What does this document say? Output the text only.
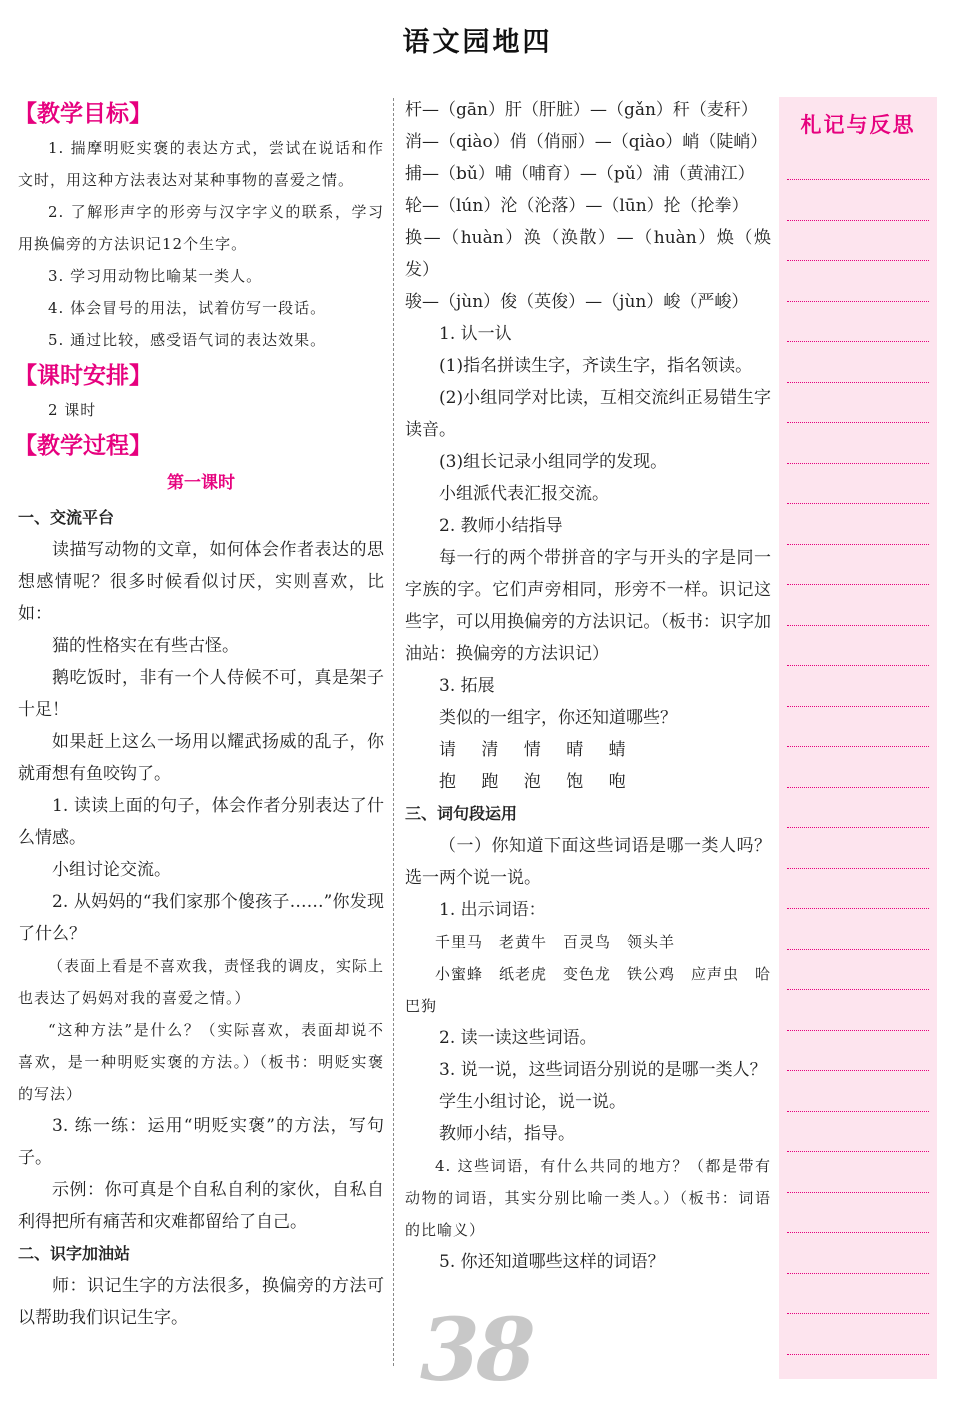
语文园地四
【教学目标】
1. 揣摩明贬实褒的表达方式，尝试在说话和作文时，用这种方法表达对某种事物的喜爱之情。
2. 了解形声字的形旁与汉字字义的联系，学习用换偏旁的方法识记12个生字。
3. 学习用动物比喻某一类人。
4. 体会冒号的用法，试着仿写一段话。
5. 通过比较，感受语气词的表达效果。
【课时安排】
2 课时
【教学过程】
第一课时
一、交流平台
读描写动物的文章，如何体会作者表达的思想感情呢？很多时候看似讨厌，实则喜欢，比如：
猫的性格实在有些古怪。
鹅吃饭时，非有一个人侍候不可，真是架子十足！
如果赶上这么一场用以耀武扬威的乱子，你就甭想有鱼咬钩了。
1. 读读上面的句子，体会作者分别表达了什么情感。
小组讨论交流。
2. 从妈妈的“我们家那个傻孩子……”你发现了什么？
（表面上看是不喜欢我，责怪我的调皮，实际上也表达了妈妈对我的喜爱之情。）
“这种方法”是什么？（实际喜欢，表面却说不喜欢，是一种明贬实褒的方法。）（板书：明贬实褒的写法）
3. 练一练：运用“明贬实褒”的方法，写句子。
示例：你可真是个自私自利的家伙，自私自利得把所有痛苦和灾难都留给了自己。
二、识字加油站
师：识记生字的方法很多，换偏旁的方法可以帮助我们识记生字。
杆—（gān）肝（肝脏）—（gǎn）秆（麦秆）
消—（qiào）俏（俏丽）—（qiào）峭（陡峭）
捕—（bǔ）哺（哺育）—（pǔ）浦（黄浦江）
轮—（lún）沦（沦落）—（lūn）抡（抡拳）
换—（huàn）涣（涣散）—（huàn）焕（焕发）
骏—（jùn）俊（英俊）—（jùn）峻（严峻）
1. 认一认
(1)指名拼读生字，齐读生字，指名领读。
(2)小组同学对比读，互相交流纠正易错生字读音。
(3)组长记录小组同学的发现。
小组派代表汇报交流。
2. 教师小结指导
每一行的两个带拼音的字与开头的字是同一字族的字。它们声旁相同，形旁不一样。识记这些字，可以用换偏旁的方法识记。（板书：识字加油站：换偏旁的方法识记）
3. 拓展
类似的一组字，你还知道哪些？
请 清 情 晴 蜻
抱 跑 泡 饱 咆
三、词句段运用
（一）你知道下面这些词语是哪一类人吗？选一两个说一说。
1. 出示词语：
千里马　老黄牛　百灵鸟　领头羊
小蜜蜂　纸老虎　变色龙　铁公鸡　应声虫　哈巴狗
2. 读一读这些词语。
3. 说一说，这些词语分别说的是哪一类人？
学生小组讨论，说一说。
教师小结，指导。
4. 这些词语，有什么共同的地方？（都是带有动物的词语，其实分别比喻一类人。）（板书：词语的比喻义）
5. 你还知道哪些这样的词语？
札记与反思
38
